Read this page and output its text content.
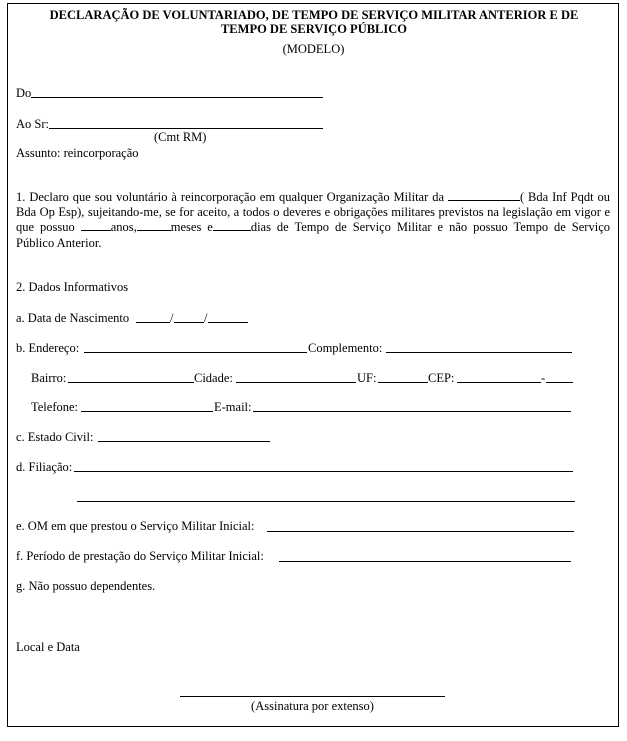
DECLARAÇÃO DE VOLUNTARIADO, DE TEMPO DE SERVIÇO MILITAR ANTERIOR E DE
TEMPO DE SERVIÇO PÚBLICO
(MODELO)
Do
Ao Sr:
(Cmt RM)
Assunto: reincorporação
1. Declaro que sou voluntário à reincorporação em qualquer Organização Militar da	( Bda Inf Pqdt ou Bda Op Esp), sujeitando-me, se for aceito, a todos o deveres e obrigações militares previstos na legislação em vigor e que possuo	anos,	meses e	dias de Tempo de Serviço Militar e não possuo Tempo de Serviço Público Anterior.
2. Dados Informativos
a. Data de Nascimento	/ /
b. Endereço:	Complemento:
Bairro:	Cidade:	UF:	CEP:	-
Telefone:	E-mail:
c. Estado Civil:
d. Filiação:
e. OM em que prestou o Serviço Militar Inicial:
f. Período de prestação do Serviço Militar Inicial:
g. Não possuo dependentes.
Local e Data
(Assinatura por extenso)
